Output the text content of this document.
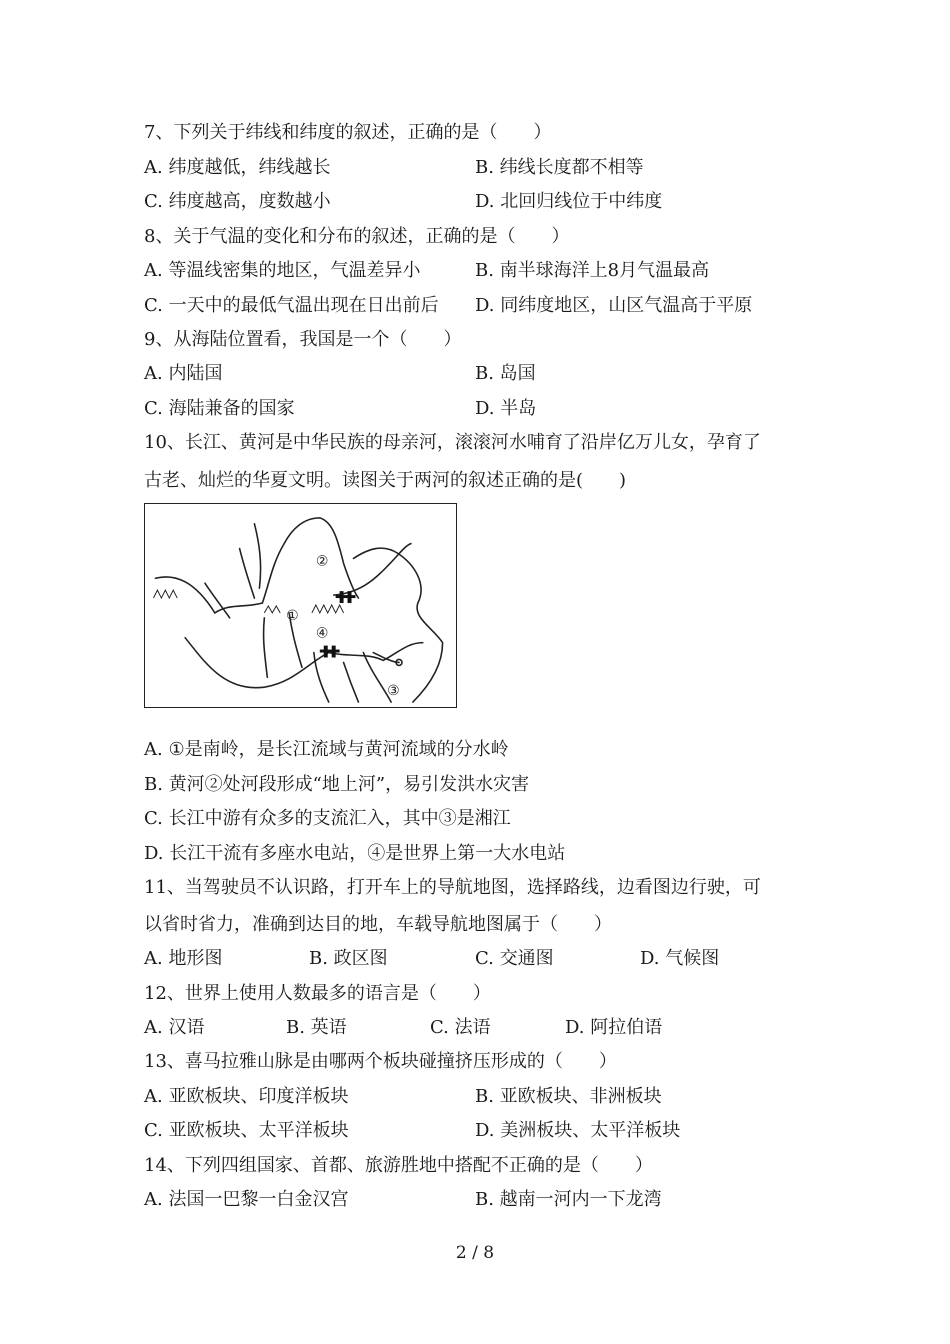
7、下列关于纬线和纬度的叙述，正确的是（　　）
A. 纬度越低，纬线越长	B. 纬线长度都不相等
C. 纬度越高，度数越小	D. 北回归线位于中纬度
8、关于气温的变化和分布的叙述，正确的是（　　）
A. 等温线密集的地区，气温差异小	B. 南半球海洋上8月气温最高
C. 一天中的最低气温出现在日出前后 D. 同纬度地区，山区气温高于平原
9、从海陆位置看，我国是一个（　　）
A. 内陆国	B. 岛国
C. 海陆兼备的国家	D. 半岛
10、长江、黄河是中华民族的母亲河，滚滚河水哺育了沿岸亿万儿女，孕育了
古老、灿烂的华夏文明。读图关于两河的叙述正确的是(　　)
②
①
④
③
A. ①是南岭，是长江流域与黄河流域的分水岭
B. 黄河②处河段形成“地上河”，易引发洪水灾害
C. 长江中游有众多的支流汇入，其中③是湘江
D. 长江干流有多座水电站，④是世界上第一大水电站
11、当驾驶员不认识路，打开车上的导航地图，选择路线，边看图边行驶，可
以省时省力，准确到达目的地，车载导航地图属于（　　）
A. 地形图	B. 政区图	C. 交通图	D. 气候图
12、世界上使用人数最多的语言是（　　）
A. 汉语	B. 英语	C. 法语	D. 阿拉伯语
13、喜马拉雅山脉是由哪两个板块碰撞挤压形成的（　　）
A. 亚欧板块、印度洋板块	B. 亚欧板块、非洲板块
C. 亚欧板块、太平洋板块	D. 美洲板块、太平洋板块
14、下列四组国家、首都、旅游胜地中搭配不正确的是（　　）
A. 法国一巴黎一白金汉宫	B. 越南一河内一下龙湾
2 / 8
